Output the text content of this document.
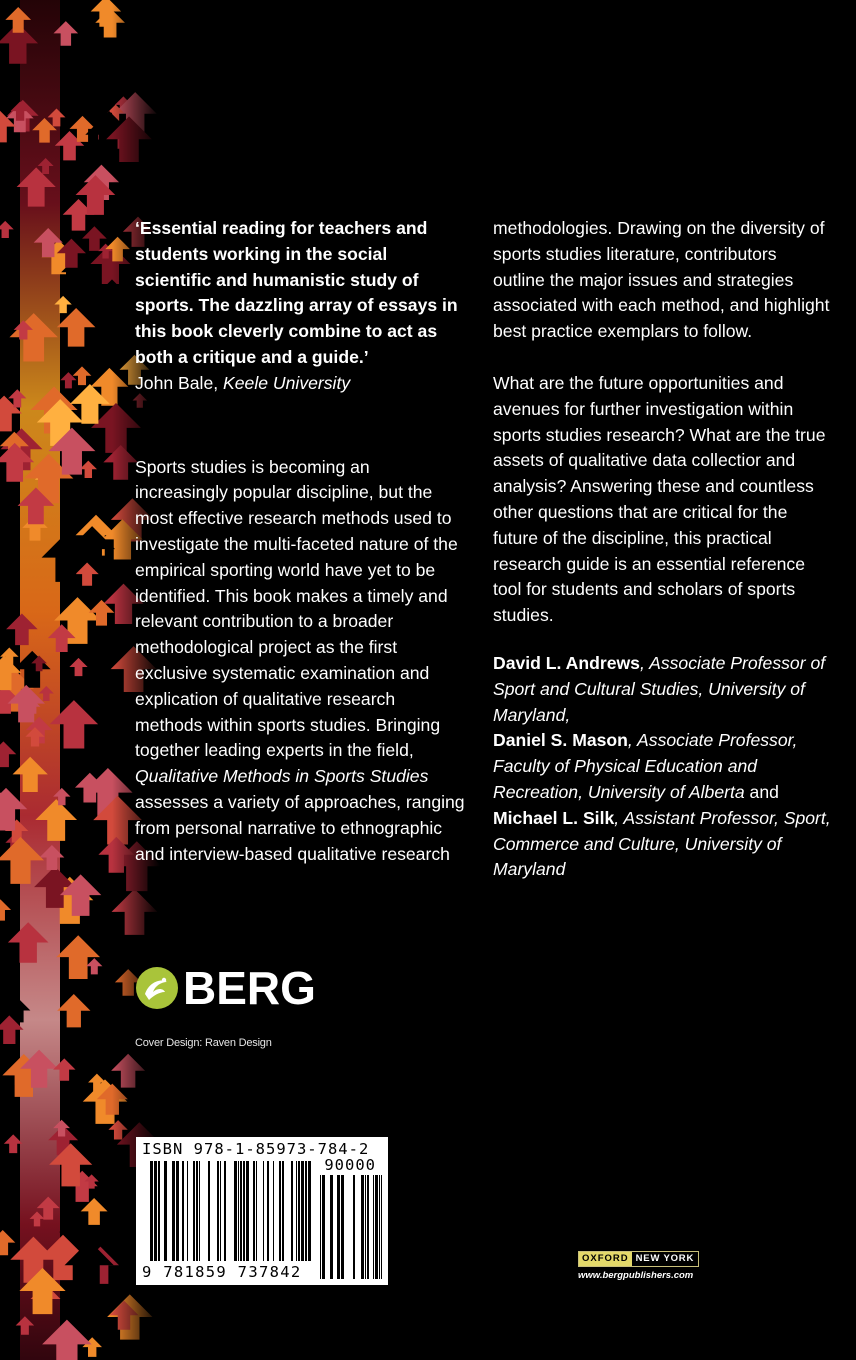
‘Essential reading for teachers and students working in the social scientific and humanistic study of sports. The dazzling array of essays in this book cleverly combine to act as both a critique and a guide.’
John Bale, Keele University

Sports studies is becoming an increasingly popular discipline, but the most effective research methods used to investigate the multi-faceted nature of the empirical sporting world have yet to be identified. This book makes a timely and relevant contribution to a broader methodological project as the first exclusive systematic examination and explication of qualitative research methods within sports studies. Bringing together leading experts in the field, Qualitative Methods in Sports Studies assesses a variety of approaches, ranging from personal narrative to ethnographic and interview-based qualitative research

methodologies. Drawing on the diversity of sports studies literature, contributors outline the major issues and strategies associated with each method, and highlight best practice exemplars to follow.

What are the future opportunities and avenues for further investigation within sports studies research? What are the true assets of qualitative data collectior and analysis? Answering these and countless other questions that are critical for the future of the discipline, this practical research guide is an essential reference tool for students and scholars of sports studies.

David L. Andrews, Associate Professor of Sport and Cultural Studies, University of Maryland,
Daniel S. Mason, Associate Professor, Faculty of Physical Education and Recreation, University of Alberta and Michael L. Silk, Assistant Professor, Sport, Commerce and Culture, University of Maryland

BERG
Cover Design: Raven Design
ISBN 978-1-85973-784-2
90000
9 781859 737842
OXFORD NEW YORK
www.bergpublishers.com
